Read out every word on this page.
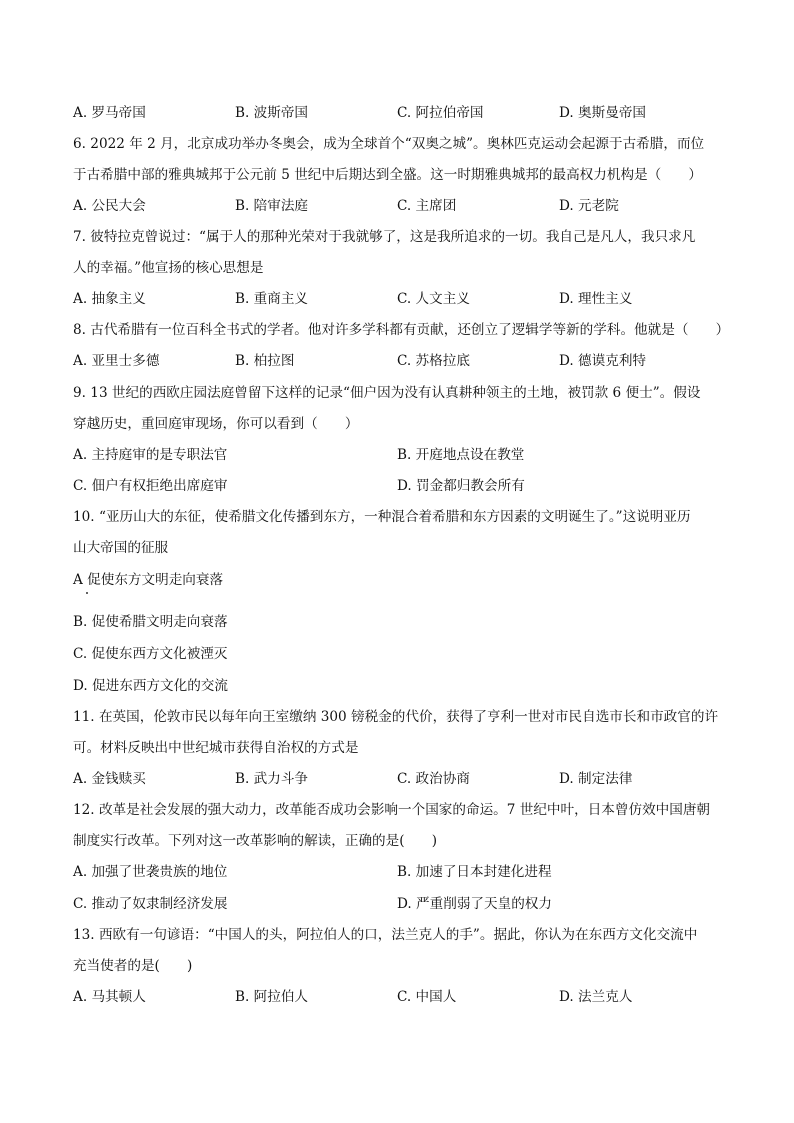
A. 罗马帝国	B. 波斯帝国	C. 阿拉伯帝国	D. 奥斯曼帝国
6. 2022 年 2 月，北京成功举办冬奥会，成为全球首个“双奥之城”。奥林匹克运动会起源于古希腊，而位
于古希腊中部的雅典城邦于公元前 5 世纪中后期达到全盛。这一时期雅典城邦的最高权力机构是（　　）
A. 公民大会	B. 陪审法庭	C. 主席团	D. 元老院
7. 彼特拉克曾说过：“属于人的那种光荣对于我就够了，这是我所追求的一切。我自己是凡人，我只求凡
人的幸福。”他宣扬的核心思想是
A. 抽象主义	B. 重商主义	C. 人文主义	D. 理性主义
8. 古代希腊有一位百科全书式的学者。他对许多学科都有贡献，还创立了逻辑学等新的学科。他就是（　　）
A. 亚里士多德	B. 柏拉图	C. 苏格拉底	D. 德谟克利特
9. 13 世纪的西欧庄园法庭曾留下这样的记录“佃户因为没有认真耕种领主的土地，被罚款 6 便士”。假设
穿越历史，重回庭审现场，你可以看到（　　）
A. 主持庭审的是专职法官	B. 开庭地点设在教堂
C. 佃户有权拒绝出席庭审	D. 罚金都归教会所有
10. “亚历山大的东征，使希腊文化传播到东方，一种混合着希腊和东方因素的文明诞生了。”这说明亚历
山大帝国的征服
A 促使东方文明走向衰落
B. 促使希腊文明走向衰落
C. 促使东西方文化被湮灭
D. 促进东西方文化的交流
11. 在英国，伦敦市民以每年向王室缴纳 300 镑税金的代价，获得了亨利一世对市民自选市长和市政官的许
可。材料反映出中世纪城市获得自治权的方式是
A. 金钱赎买	B. 武力斗争	C. 政治协商	D. 制定法律
12. 改革是社会发展的强大动力，改革能否成功会影响一个国家的命运。7 世纪中叶，日本曾仿效中国唐朝
制度实行改革。下列对这一改革影响的解读，正确的是(　　)
A. 加强了世袭贵族的地位	B. 加速了日本封建化进程
C. 推动了奴隶制经济发展	D. 严重削弱了天皇的权力
13. 西欧有一句谚语：“中国人的头，阿拉伯人的口，法兰克人的手”。据此，你认为在东西方文化交流中
充当使者的是(　　)
A. 马其顿人	B. 阿拉伯人	C. 中国人	D. 法兰克人
